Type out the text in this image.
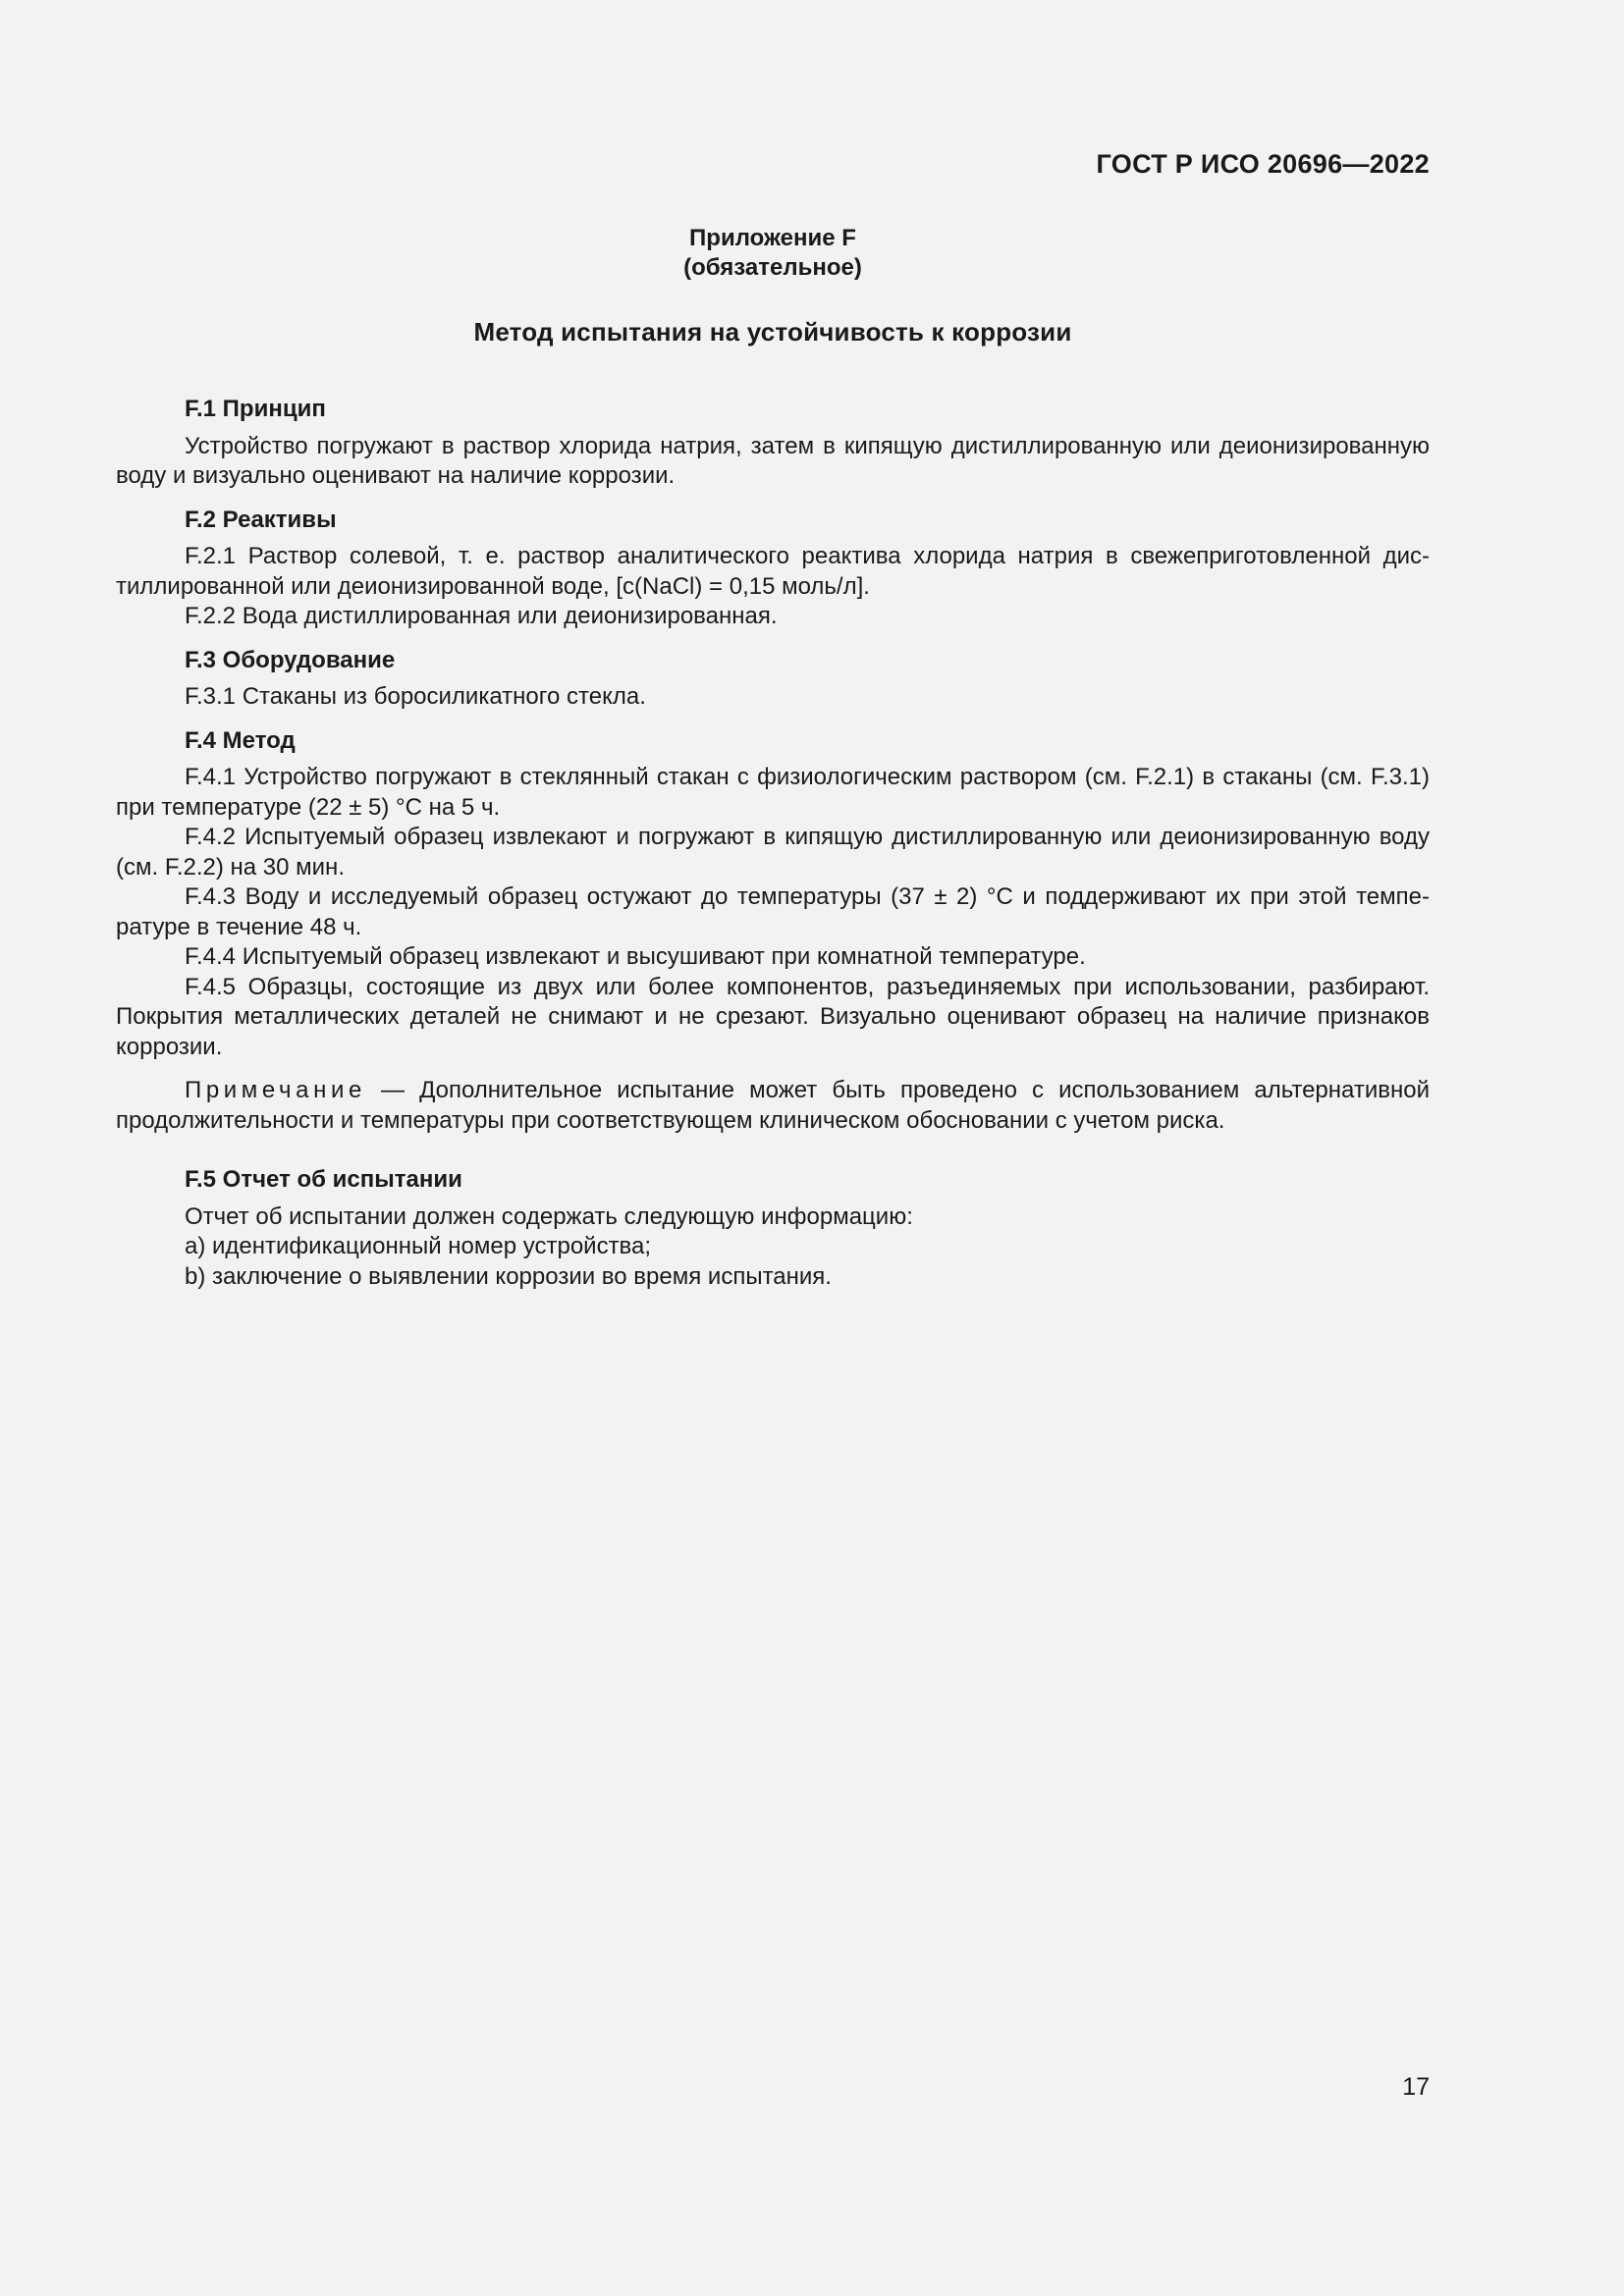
ГОСТ Р ИСО 20696—2022

Приложение F
(обязательное)

Метод испытания на устойчивость к коррозии

F.1 Принцип

Устройство погружают в раствор хлорида натрия, затем в кипящую дистиллированную или деионизированную воду и визуально оценивают на наличие коррозии.

F.2 Реактивы

F.2.1 Раствор солевой, т. е. раствор аналитического реактива хлорида натрия в свежеприготовленной дистиллированной или деионизированной воде, [c(NaCl) = 0,15 моль/л].

F.2.2 Вода дистиллированная или деионизированная.

F.3 Оборудование

F.3.1 Стаканы из боросиликатного стекла.

F.4 Метод

F.4.1 Устройство погружают в стеклянный стакан с физиологическим раствором (см. F.2.1) в стаканы (см. F.3.1) при температуре (22 ± 5) °С на 5 ч.

F.4.2 Испытуемый образец извлекают и погружают в кипящую дистиллированную или деионизированную воду (см. F.2.2) на 30 мин.

F.4.3 Воду и исследуемый образец остужают до температуры (37 ± 2) °С и поддерживают их при этой температуре в течение 48 ч.

F.4.4 Испытуемый образец извлекают и высушивают при комнатной температуре.

F.4.5 Образцы, состоящие из двух или более компонентов, разъединяемых при использовании, разбирают. Покрытия металлических деталей не снимают и не срезают. Визуально оценивают образец на наличие признаков коррозии.

Примечание — Дополнительное испытание может быть проведено с использованием альтернативной продолжительности и температуры при соответствующем клиническом обосновании с учетом риска.

F.5 Отчет об испытании

Отчет об испытании должен содержать следующую информацию:

a) идентификационный номер устройства;

b) заключение о выявлении коррозии во время испытания.

17
